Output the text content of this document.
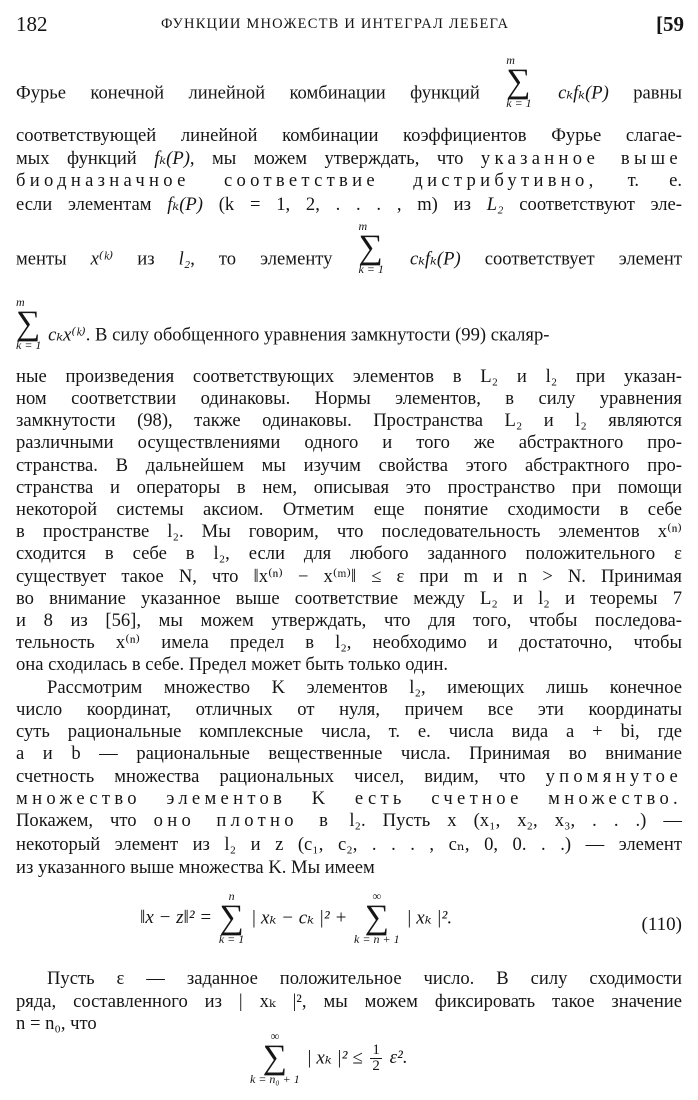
182	ФУНКЦИИ МНОЖЕСТВ И ИНТЕГРАЛ ЛЕБЕГА	[59
Фурье конечной линейной комбинации функций
m
∑
k = 1 cₖfₖ(P) равны
соответствующей линейной комбинации коэффициентов Фурье слагае-
мых функций fₖ(P), мы можем утверждать, что указанное выше
биодназначное соответствие дистрибутивно, т. е.
если элементам fₖ(P) (k = 1, 2, . . . , m) из L₂ соответствуют эле-
менты x⁽ᵏ⁾ из l₂, то элементу
m
∑
k = 1 cₖfₖ(P) соответствует элемент
m
∑
k = 1 cₖx⁽ᵏ⁾. В силу обобщенного уравнения замкнутости (99) скаляр-
ные произведения соответствующих элементов в L₂ и l₂ при указан-
ном соответствии одинаковы. Нормы элементов, в силу уравнения
замкнутости (98), также одинаковы. Пространства L₂ и l₂ являются
различными осуществлениями одного и того же абстрактного про-
странства. В дальнейшем мы изучим свойства этого абстрактного про-
странства и операторы в нем, описывая это пространство при помощи
некоторой системы аксиом. Отметим еще понятие сходимости в себе
в пространстве l₂. Мы говорим, что последовательность элементов x⁽ⁿ⁾
сходится в себе в l₂, если для любого заданного положительного ε
существует такое N, что ‖x⁽ⁿ⁾ − x⁽ᵐ⁾‖ ≤ ε при m и n > N. Принимая
во внимание указанное выше соответствие между L₂ и l₂ и теоремы 7
и 8 из [56], мы можем утверждать, что для того, чтобы последова-
тельность x⁽ⁿ⁾ имела предел в l₂, необходимо и достаточно, чтобы
она сходилась в себе. Предел может быть только один.
Рассмотрим множество K элементов l₂, имеющих лишь конечное
число координат, отличных от нуля, причем все эти координаты
суть рациональные комплексные числа, т. е. числа вида a + bi, где
a и b — рациональные вещественные числа. Принимая во внимание
счетность множества рациональных чисел, видим, что упомянутое
множество элементов K есть счетное множество.
Покажем, что оно плотно в l₂. Пусть x (x₁, x₂, x₃, . . .) —
некоторый элемент из l₂ и z (c₁, c₂, . . . , cₙ, 0, 0. . .) — элемент
из указанного выше множества K. Мы имеем
‖x − z‖² =
n
∑
k = 1
| xₖ − cₖ |² +
∞
∑
k = n + 1
| xₖ |².	(110)
Пусть ε — заданное положительное число. В силу сходимости
ряда, составленного из | xₖ |², мы можем фиксировать такое значение
n = n₀, что
∞
∑
k = n₀ + 1
| xₖ $|^2 \le \frac{1}{2} \varepsilon^2$.
